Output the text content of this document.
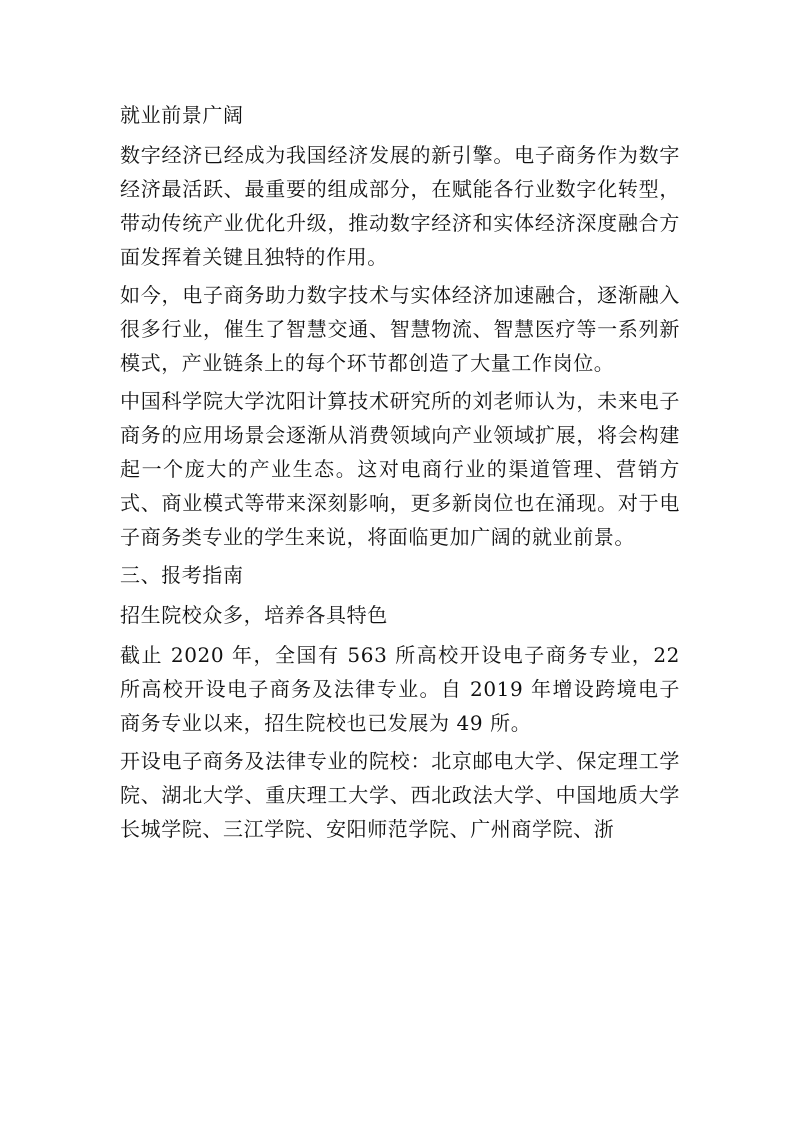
就业前景广阔

数字经济已经成为我国经济发展的新引擎。电子商务作为数字经济最活跃、最重要的组成部分，在赋能各行业数字化转型，带动传统产业优化升级，推动数字经济和实体经济深度融合方面发挥着关键且独特的作用。

如今，电子商务助力数字技术与实体经济加速融合，逐渐融入很多行业，催生了智慧交通、智慧物流、智慧医疗等一系列新模式，产业链条上的每个环节都创造了大量工作岗位。

中国科学院大学沈阳计算技术研究所的刘老师认为，未来电子商务的应用场景会逐渐从消费领域向产业领域扩展，将会构建起一个庞大的产业生态。这对电商行业的渠道管理、营销方式、商业模式等带来深刻影响，更多新岗位也在涌现。对于电子商务类专业的学生来说，将面临更加广阔的就业前景。

三、报考指南

招生院校众多，培养各具特色

截止 2020 年，全国有 563 所高校开设电子商务专业，22 所高校开设电子商务及法律专业。自 2019 年增设跨境电子商务专业以来，招生院校也已发展为 49 所。

开设电子商务及法律专业的院校：北京邮电大学、保定理工学院、湖北大学、重庆理工大学、西北政法大学、中国地质大学长城学院、三江学院、安阳师范学院、广州商学院、浙
